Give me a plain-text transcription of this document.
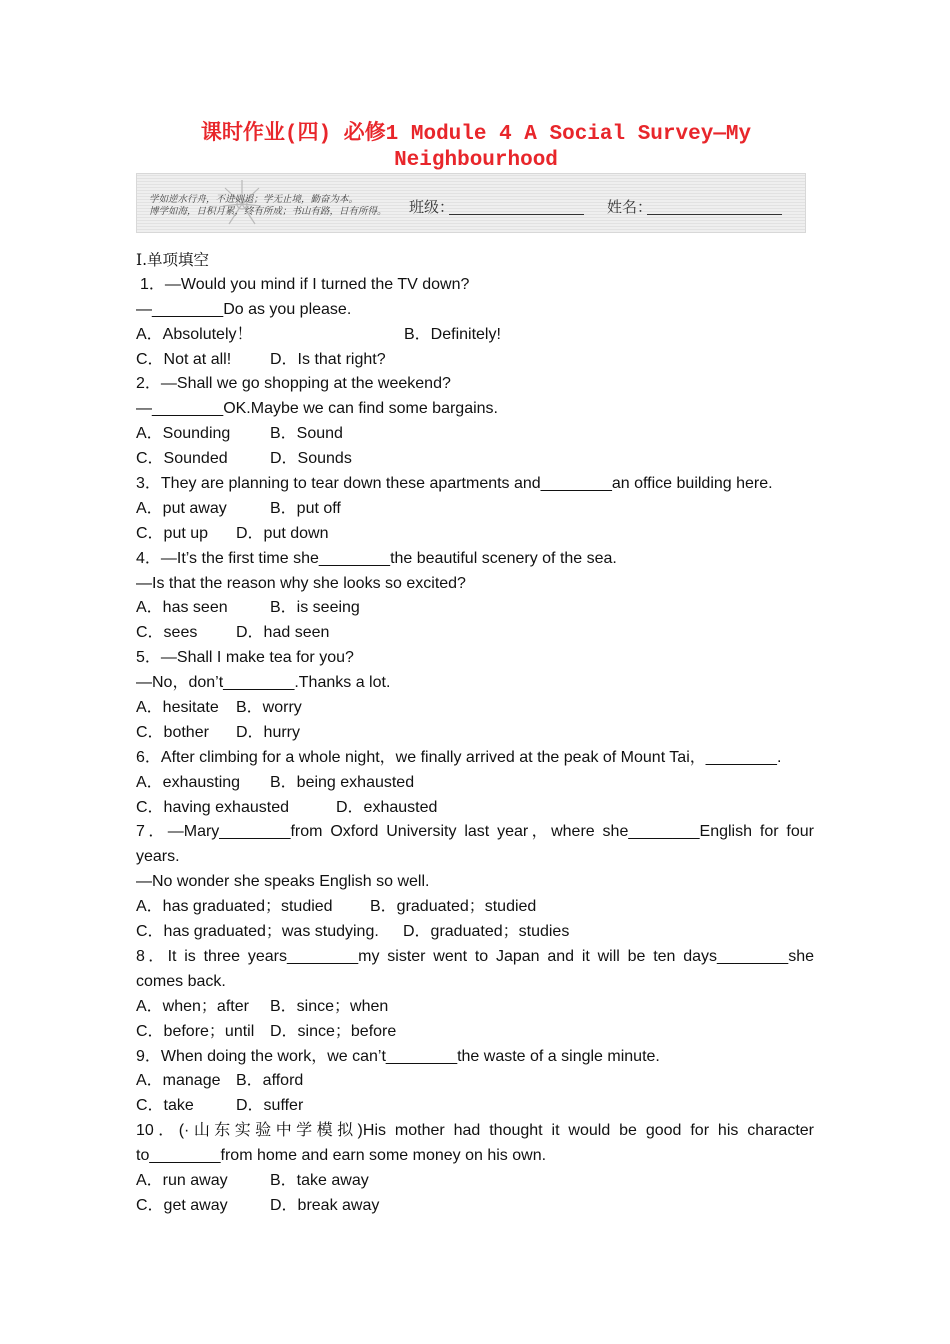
课时作业(四) 必修1 Module 4 A Social Survey—My
Neighbourhood
学如逆水行舟，不进则退；学无止境，勤奋为本。
博学如海，日积月累，终有所成；书山有路，日有所得。 班级：	姓名：
I.单项填空
1．—Would you mind if I turned the TV down?
—________Do as you please.
A．Absolutely！	B．Definitely!
C．Not at all! D．Is that right?
2．—Shall we go shopping at the weekend?
—________OK.Maybe we can find some bargains.
A．Sounding B．Sound
C．Sounded	D．Sounds
3．They are planning to tear down these apartments and________an office building here.
A．put away	B．put off
C．put up D．put down
4．—It’s the first time she________the beautiful scenery of the sea.
—Is that the reason why she looks so excited?
A．has seen	B．is seeing
C．sees D．had seen
5．—Shall I make tea for you?
—No，don’t________.Thanks a lot.
A．hesitate B．worry
C．bother D．hurry
6．After climbing for a whole night，we finally arrived at the peak of Mount Tai，________.
A．exhausting B．being exhausted
C．having exhausted	D．exhausted
7．—Mary________from Oxford University last year，where she________English for four years.
—No wonder she speaks English so well.
A．has graduated；studied B．graduated；studied
C．has graduated；was studying. D．graduated；studies
8．It is three years________my sister went to Japan and it will be ten days________she comes back.
A．when；after B．since；when
C．before；until D．since；before
9．When doing the work，we can’t________the waste of a single minute.
A．manage B．afford
C．take	D．suffer
10．(·山东实验中学模拟)His mother had thought it would be good for his character to________from home and earn some money on his own.
A．run away	B．take away
C．get away	D．break away
